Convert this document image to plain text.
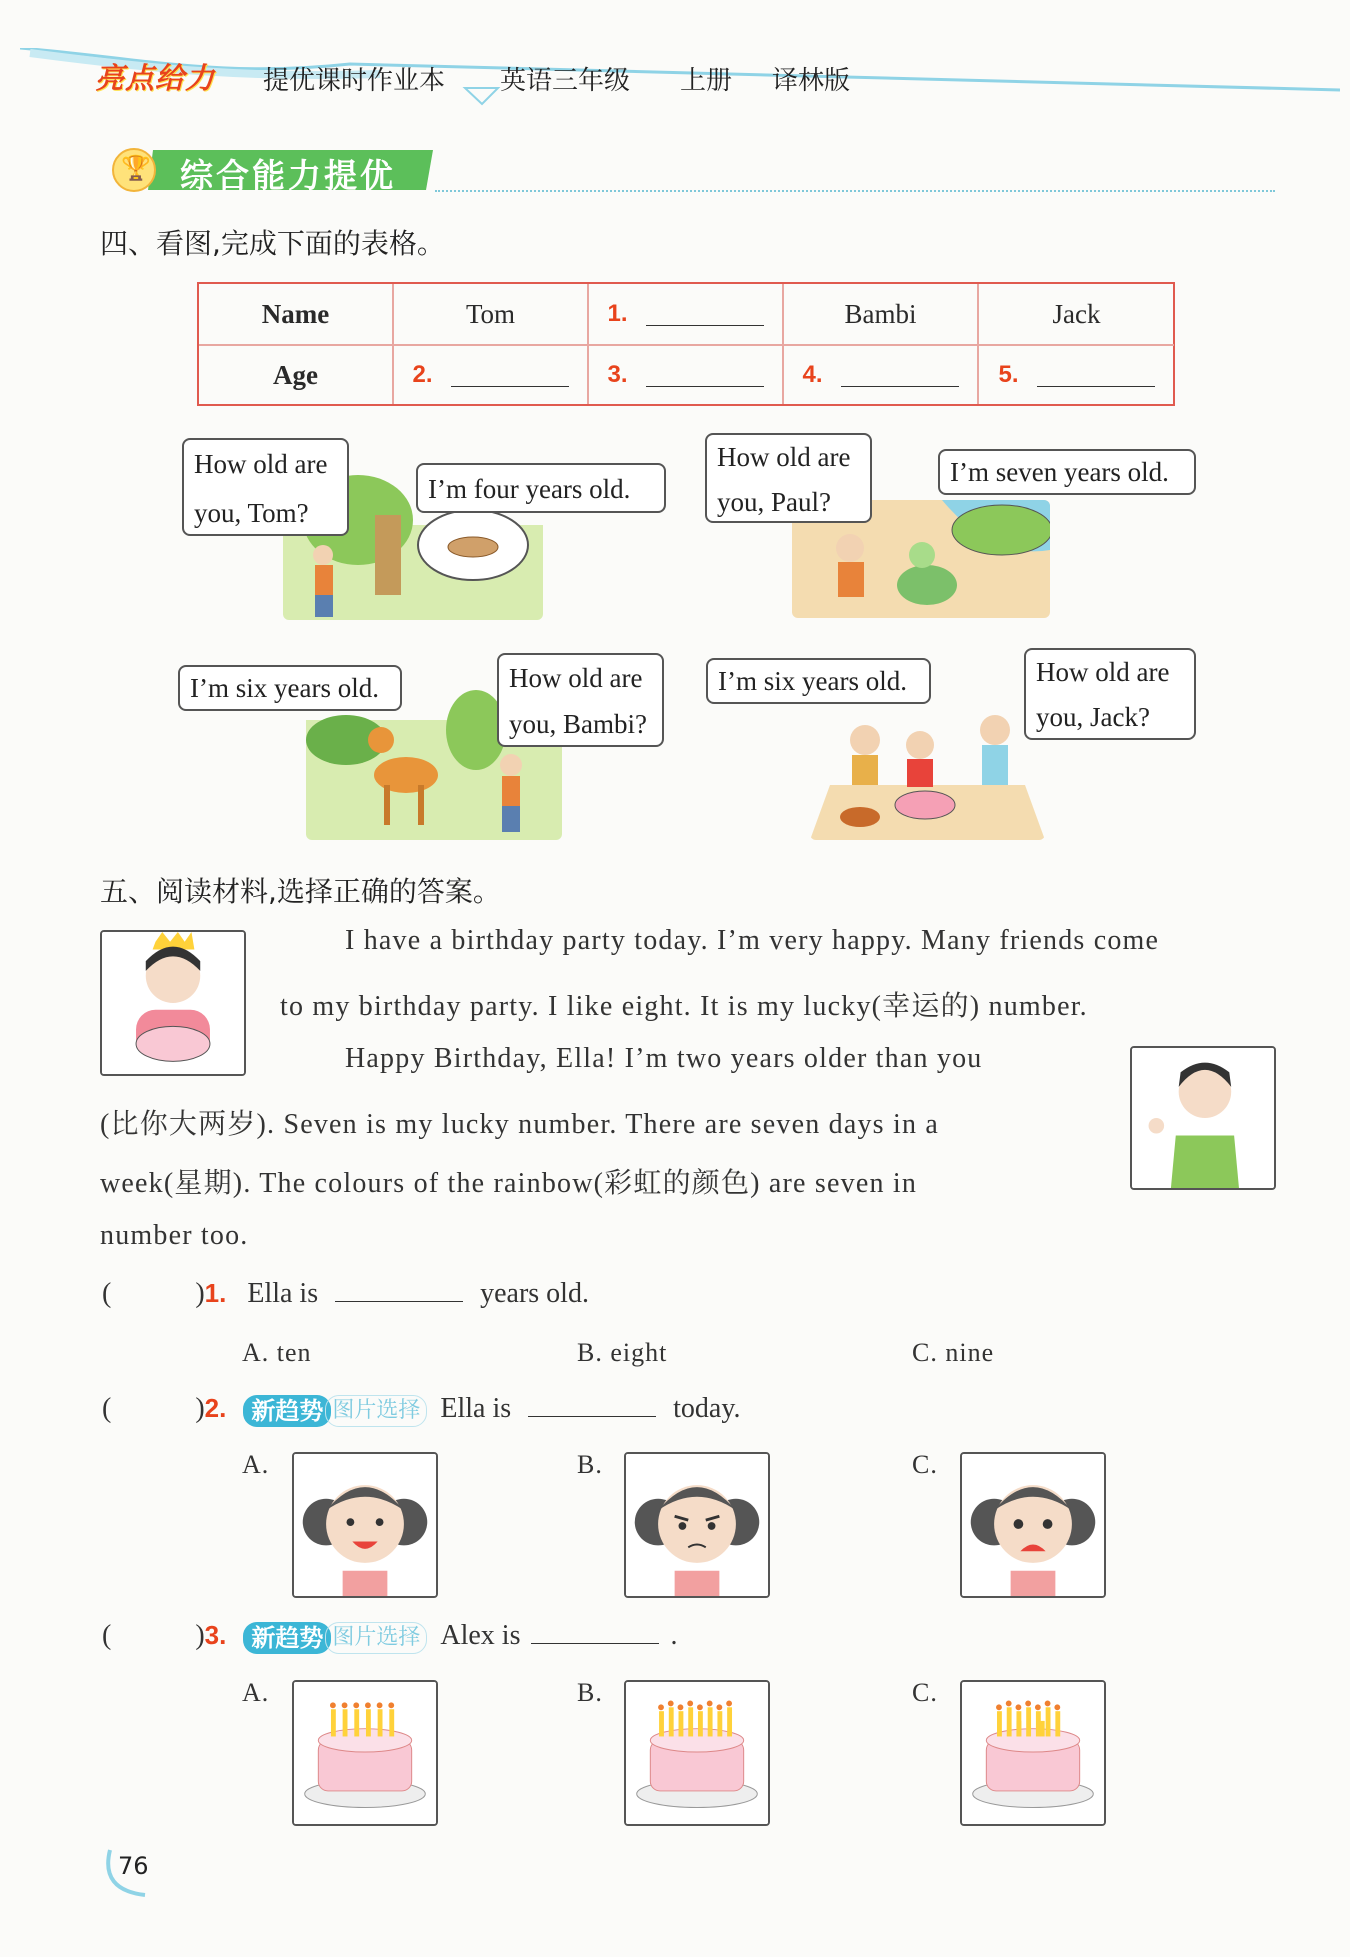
亮点给力 提优课时作业本 英语三年级 上册 译林版
🏆 综合能力提优
四、看图,完成下面的表格。
Name	Tom	1.	Bambi	Jack
Age	2.	3.	4.	5.
How old are
you, Tom?
I’m four years old.
How old are
you, Paul?
I’m seven years old.
I’m six years old.	How old are
you, Bambi?
I’m six years old.	How old are
you, Jack?
五、阅读材料,选择正确的答案。
I have a birthday party today. I’m very happy. Many friends come
to my birthday party. I like eight. It is my lucky(幸运的) number.
Happy Birthday, Ella! I’m two years older than you
(比你大两岁). Seven is my lucky number. There are seven days in a
week(星期). The colours of the rainbow(彩虹的颜色) are seven in
number too.
(	)1. Ella is	years old.
A. ten	B. eight	C. nine
(	)2. 新趋势 图片选择 Ella is	today.
A.	B.	C.
(	)3. 新趋势 图片选择 Alex is	.
A.	B.	C.
76
